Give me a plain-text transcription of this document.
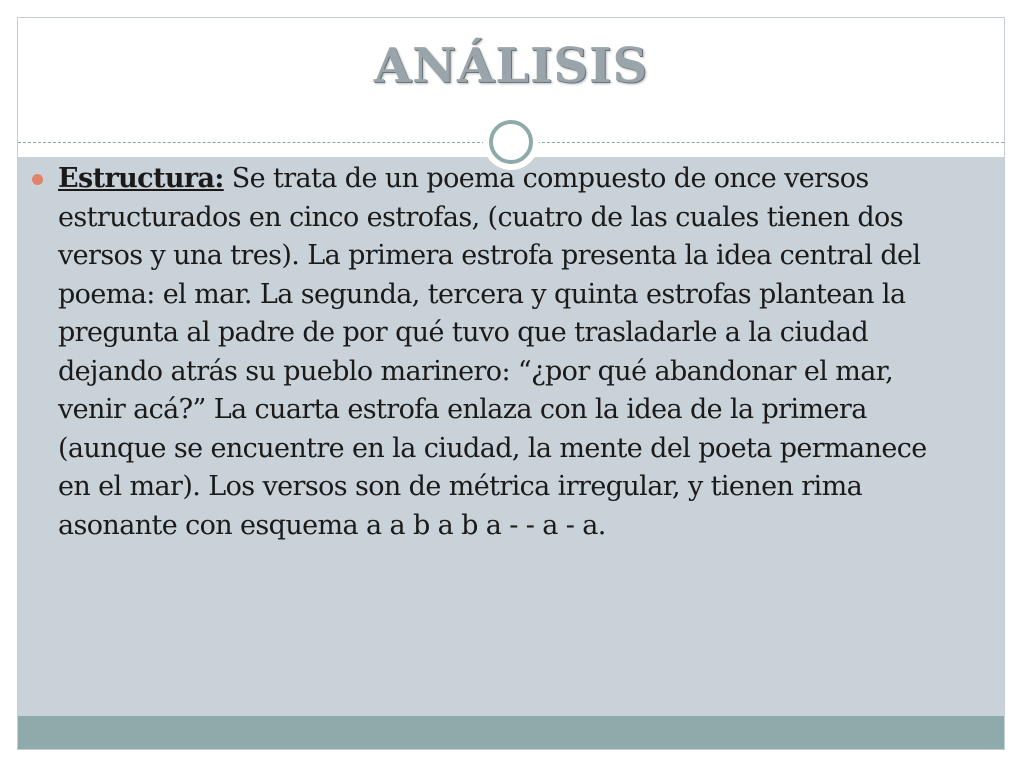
ANÁLISIS
Estructura: Se trata de un poema compuesto de once versos estructurados en cinco estrofas, (cuatro de las cuales tienen dos versos y una tres). La primera estrofa presenta la idea central del poema: el mar. La segunda, tercera y quinta estrofas plantean la pregunta al padre de por qué tuvo que trasladarle a la ciudad dejando atrás su pueblo marinero: “¿por qué abandonar el mar, venir acá?” La cuarta estrofa enlaza con la idea de la primera (aunque se encuentre en la ciudad, la mente del poeta permanece en el mar). Los versos son de métrica irregular, y tienen rima asonante con esquema a a b a b a - - a - a.
